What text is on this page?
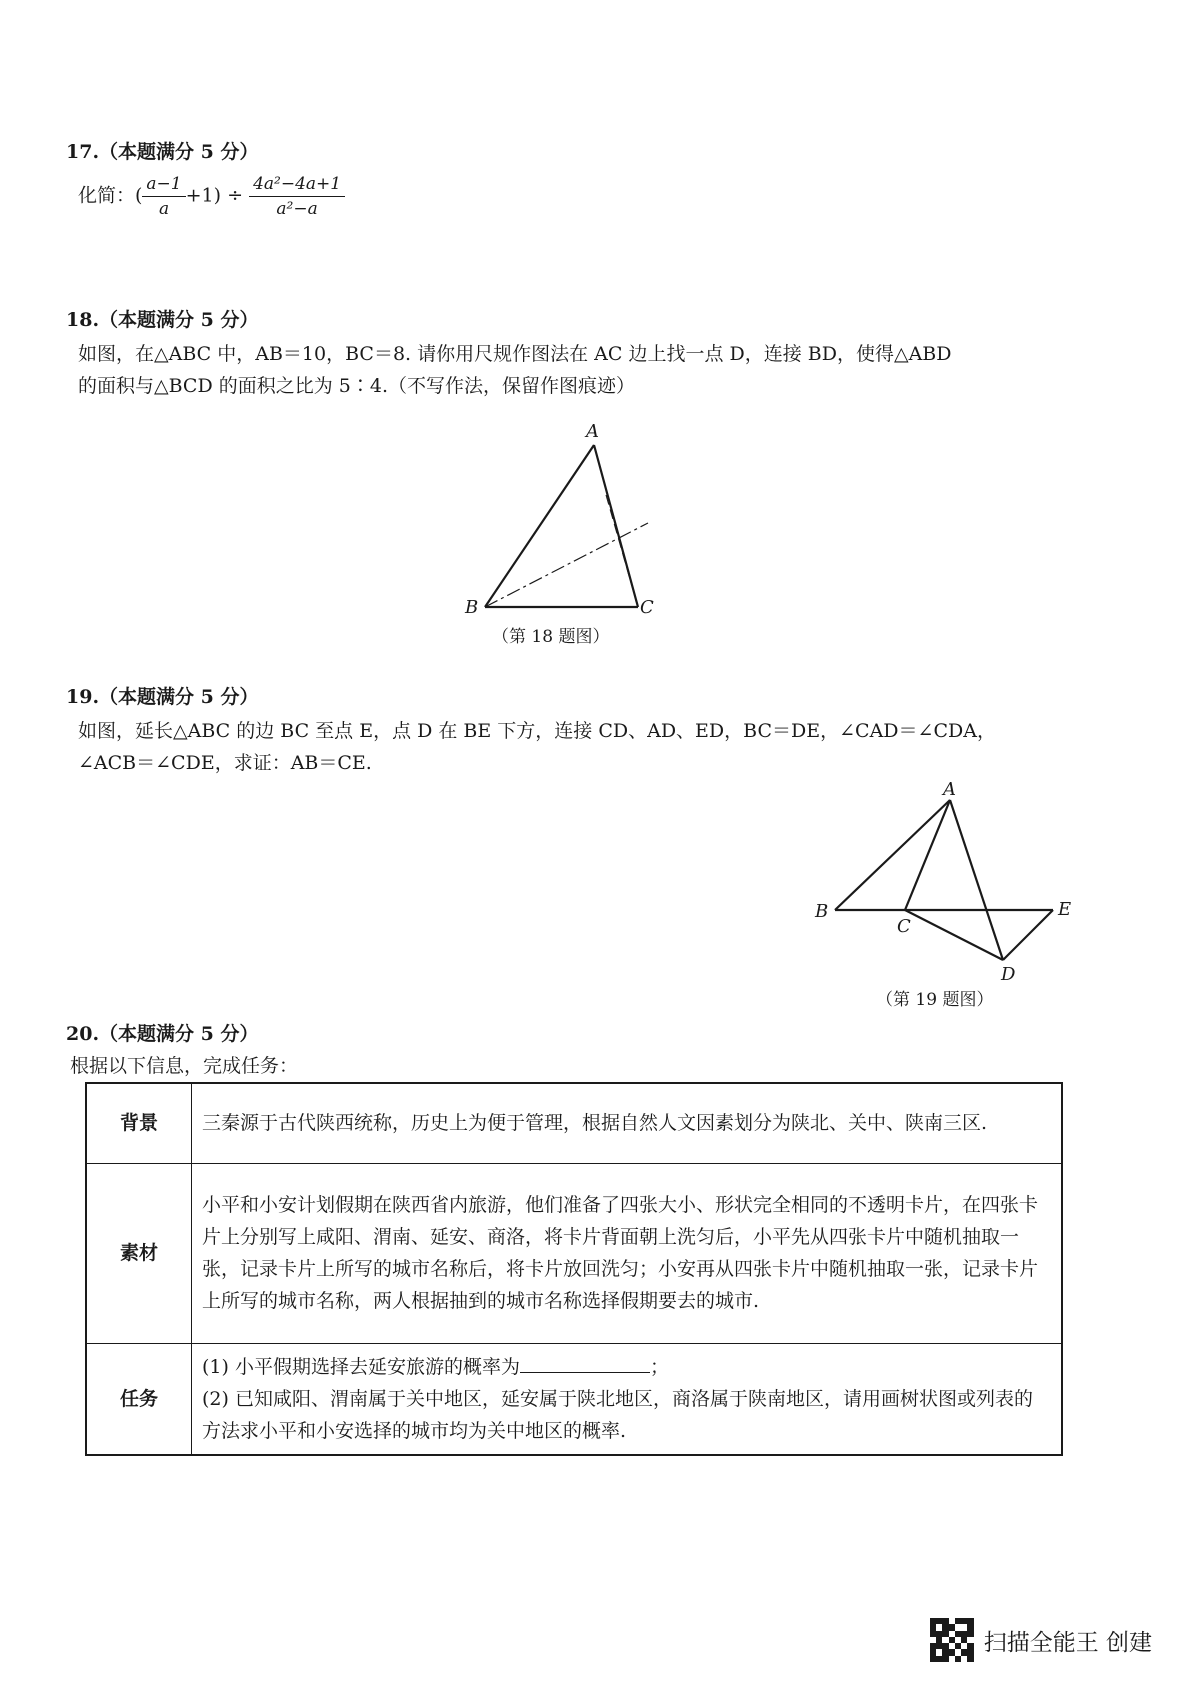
17.（本题满分 5 分）
化简：( $\frac{a-1}{a} +1) \div \frac{\text{4a²−4a+1}}{\text{a²−a}}$
18.（本题满分 5 分）
如图，在△ABC 中，AB＝10，BC＝8. 请你用尺规作图法在 AC 边上找一点 D，连接 BD，使得△ABD
的面积与△BCD 的面积之比为 5∶4.（不写作法，保留作图痕迹）
A
B	C
（第 18 题图）
19.（本题满分 5 分）
如图，延长△ABC 的边 BC 至点 E，点 D 在 BE 下方，连接 CD、AD、ED，BC＝DE，∠CAD＝∠CDA，
∠ACB＝∠CDE，求证：AB＝CE.
A
B
C
D
E
（第 19 题图）
20.（本题满分 5 分）
根据以下信息，完成任务：
背景	三秦源于古代陕西统称，历史上为便于管理，根据自然人文因素划分为陕北、关中、陕南三区.
素材	小平和小安计划假期在陕西省内旅游，他们准备了四张大小、形状完全相同的不透明卡片，在四张卡片上分别写上咸阳、渭南、延安、商洛，将卡片背面朝上洗匀后，小平先从四张卡片中随机抽取一张，记录卡片上所写的城市名称后，将卡片放回洗匀；小安再从四张卡片中随机抽取一张，记录卡片上所写的城市名称，两人根据抽到的城市名称选择假期要去的城市.
任务	(1) 小平假期选择去延安旅游的概率为 ；
(2) 已知咸阳、渭南属于关中地区，延安属于陕北地区，商洛属于陕南地区，请用画树状图或列表的方法求小平和小安选择的城市均为关中地区的概率.
扫描全能王 创建
